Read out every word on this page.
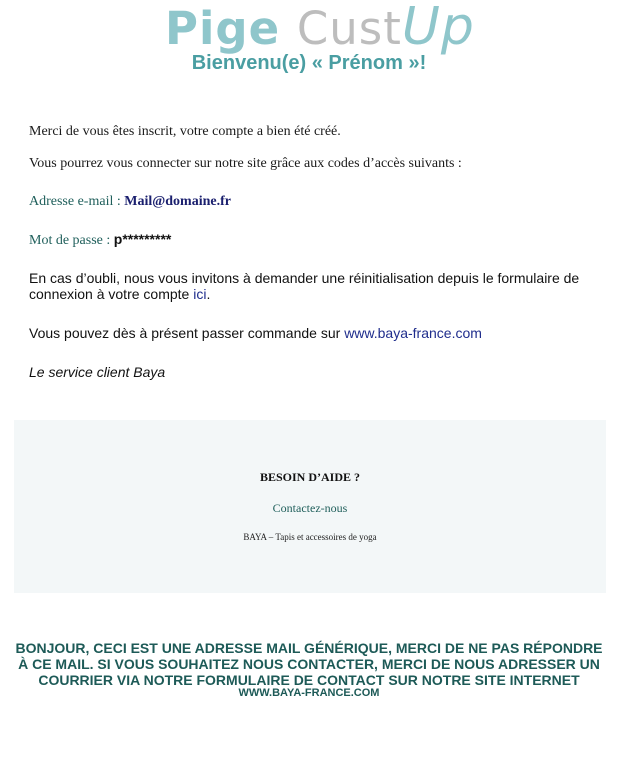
Pige CustUp
Bienvenu(e) « Prénom »!
Merci de vous êtes inscrit, votre compte a bien été créé.
Vous pourrez vous connecter sur notre site grâce aux codes d’accès suivants :
Adresse e-mail : Mail@domaine.fr
Mot de passe : p*********
En cas d’oubli, nous vous invitons à demander une réinitialisation depuis le formulaire de connexion à votre compte ici.
Vous pouvez dès à présent passer commande sur www.baya-france.com
Le service client Baya
BESOIN D’AIDE ?
Contactez-nous
BAYA – Tapis et accessoires de yoga
BONJOUR, CECI EST UNE ADRESSE MAIL GÉNÉRIQUE, MERCI DE NE PAS RÉPONDRE À CE MAIL. SI VOUS SOUHAITEZ NOUS CONTACTER, MERCI DE NOUS ADRESSER UN COURRIER VIA NOTRE FORMULAIRE DE CONTACT SUR NOTRE SITE INTERNET
WWW.BAYA-FRANCE.COM
